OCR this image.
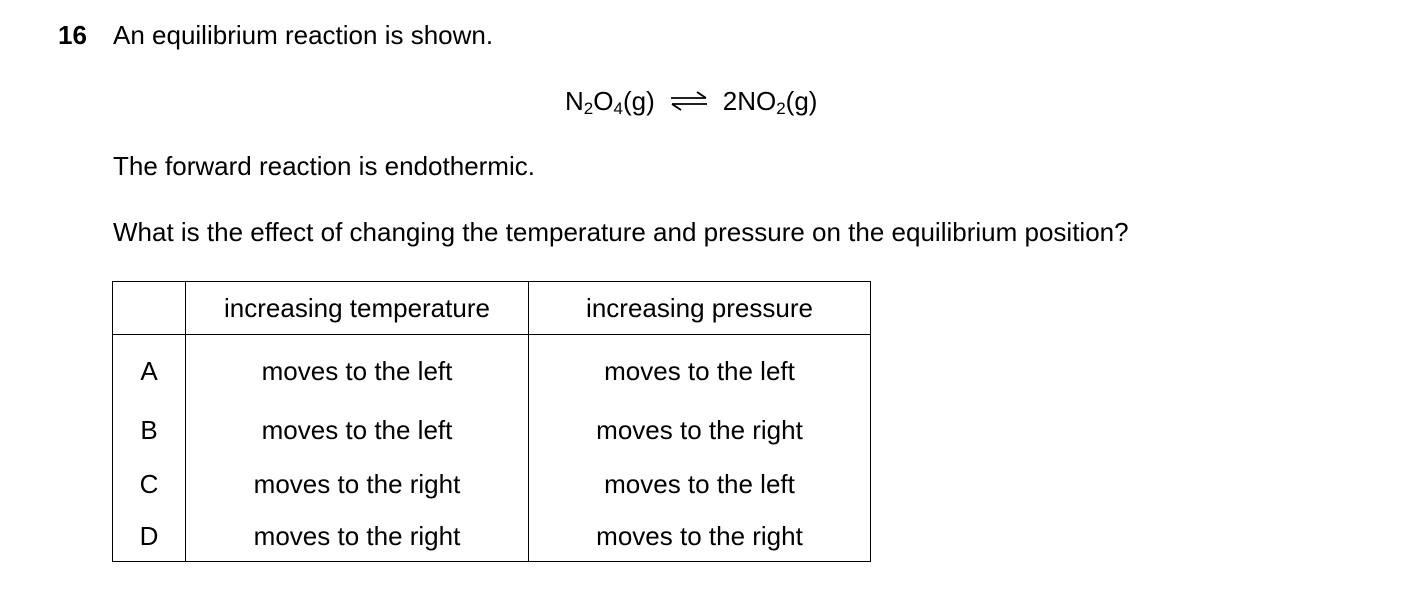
16 An equilibrium reaction is shown.
$N_2O_4(g)$ ⇌ $2NO_2(g)$
The forward reaction is endothermic.
What is the effect of changing the temperature and pressure on the equilibrium position?
	increasing temperature	increasing pressure
A	moves to the left	moves to the left
B	moves to the left	moves to the right
C	moves to the right	moves to the left
D	moves to the right	moves to the right
